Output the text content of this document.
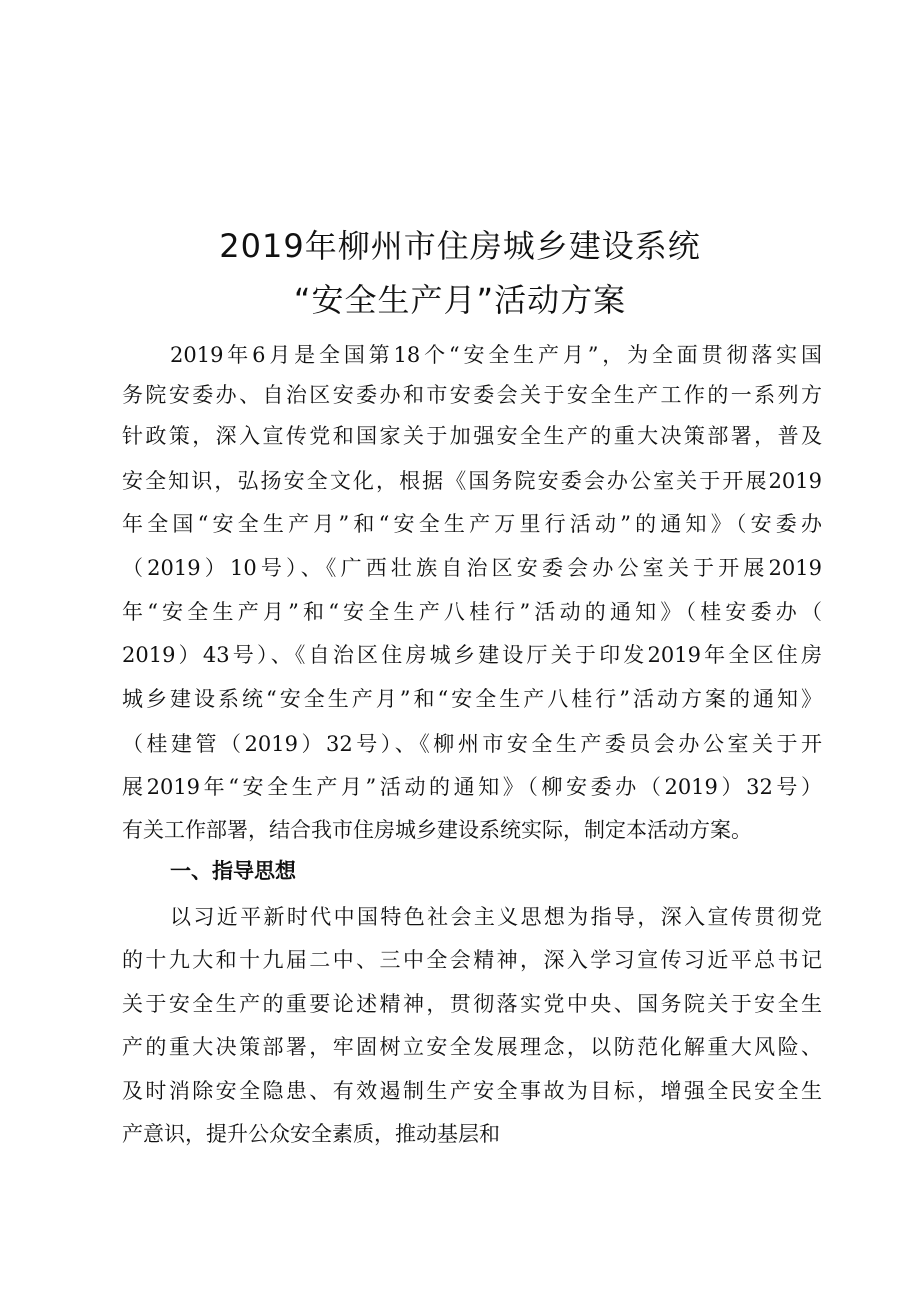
2019年柳州市住房城乡建设系统
“安全生产月”活动方案
2019年6月是全国第18个“安全生产月”，为全面贯彻落实国
务院安委办、自治区安委办和市安委会关于安全生产工作的一系列方
针政策，深入宣传党和国家关于加强安全生产的重大决策部署，普及
安全知识，弘扬安全文化，根据《国务院安委会办公室关于开展2019
年全国“安全生产月”和“安全生产万里行活动”的通知》（安委办
（2019）10号）、《广西壮族自治区安委会办公室关于开展2019
年“安全生产月”和“安全生产八桂行”活动的通知》（桂安委办（
2019）43号）、《自治区住房城乡建设厅关于印发2019年全区住房
城乡建设系统“安全生产月”和“安全生产八桂行”活动方案的通知》
（桂建管（2019）32号）、《柳州市安全生产委员会办公室关于开
展2019年“安全生产月”活动的通知》（柳安委办（2019）32号）
有关工作部署，结合我市住房城乡建设系统实际，制定本活动方案。
一、指导思想
以习近平新时代中国特色社会主义思想为指导，深入宣传贯彻党
的十九大和十九届二中、三中全会精神，深入学习宣传习近平总书记
关于安全生产的重要论述精神，贯彻落实党中央、国务院关于安全生
产的重大决策部署，牢固树立安全发展理念，以防范化解重大风险、
及时消除安全隐患、有效遏制生产安全事故为目标，增强全民安全生
产意识，提升公众安全素质，推动基层和
